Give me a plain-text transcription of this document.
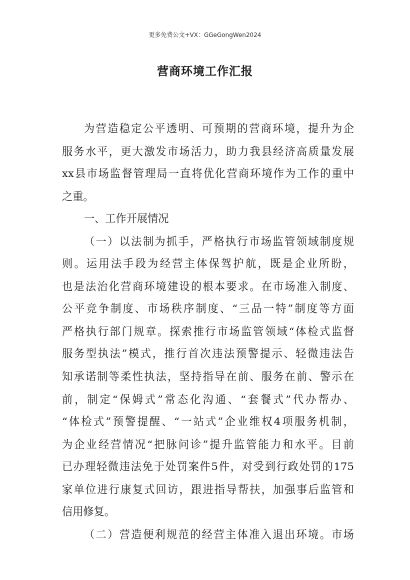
更多免费公文+VX：GGeGongWen2024
营商环境工作汇报
为营造稳定公平透明、可预期的营商环境，提升为企
服务水平，更大激发市场活力，助力我县经济高质量发展
xx县市场监督管理局一直将优化营商环境作为工作的重中
之重。
一、工作开展情况
（一）以法制为抓手，严格执行市场监管领域制度规
则。运用法手段为经营主体保驾护航，既是企业所盼，
也是法治化营商环境建设的根本要求。在市场准入制度、
公平竞争制度、市场秩序制度、“三品一特”制度等方面
严格执行部门规章。探索推行市场监管领域“体检式监督
服务型执法”模式，推行首次违法预警提示、轻微违法告
知承诺制等柔性执法，坚持指导在前、服务在前、警示在
前，制定“保姆式”常态化沟通、“套餐式”代办帮办、
“体检式”预警提醒、“一站式”企业维权4项服务机制，
为企业经营情况“把脉问诊”提升监管能力和水平。目前
已办理轻微违法免于处罚案件5件，对受到行政处罚的175
家单位进行康复式回访，跟进指导帮扶，加强事后监管和
信用修复。
（二）营造便利规范的经营主体准入退出环境。市场
